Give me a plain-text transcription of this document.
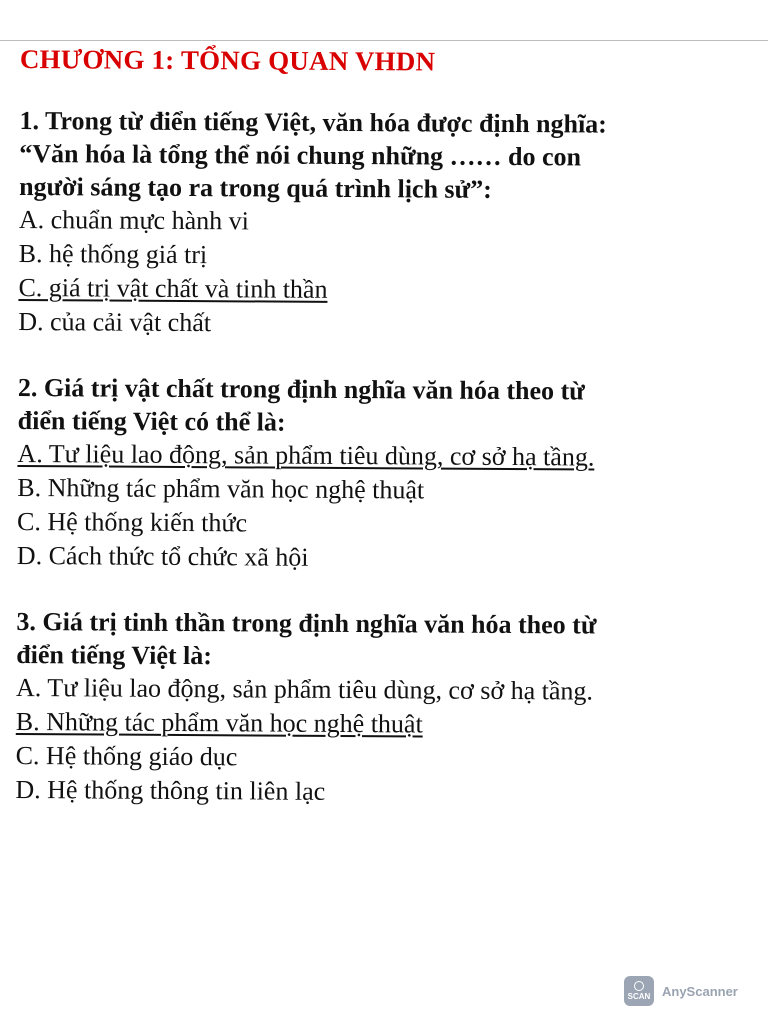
CHƯƠNG 1: TỔNG QUAN VHDN

1. Trong từ điển tiếng Việt, văn hóa được định nghĩa: “Văn hóa là tổng thể nói chung những …… do con người sáng tạo ra trong quá trình lịch sử”:

A. chuẩn mực hành vi

B. hệ thống giá trị

C. giá trị vật chất và tinh thần

D. của cải vật chất

2. Giá trị vật chất trong định nghĩa văn hóa theo từ điển tiếng Việt có thể là:

A. Tư liệu lao động, sản phẩm tiêu dùng, cơ sở hạ tầng.

B. Những tác phẩm văn học nghệ thuật

C. Hệ thống kiến thức

D. Cách thức tổ chức xã hội

3. Giá trị tinh thần trong định nghĩa văn hóa theo từ điển tiếng Việt là:

A. Tư liệu lao động, sản phẩm tiêu dùng, cơ sở hạ tầng.

B. Những tác phẩm văn học nghệ thuật

C. Hệ thống giáo dục

D. Hệ thống thông tin liên lạc

SCAN AnyScanner
